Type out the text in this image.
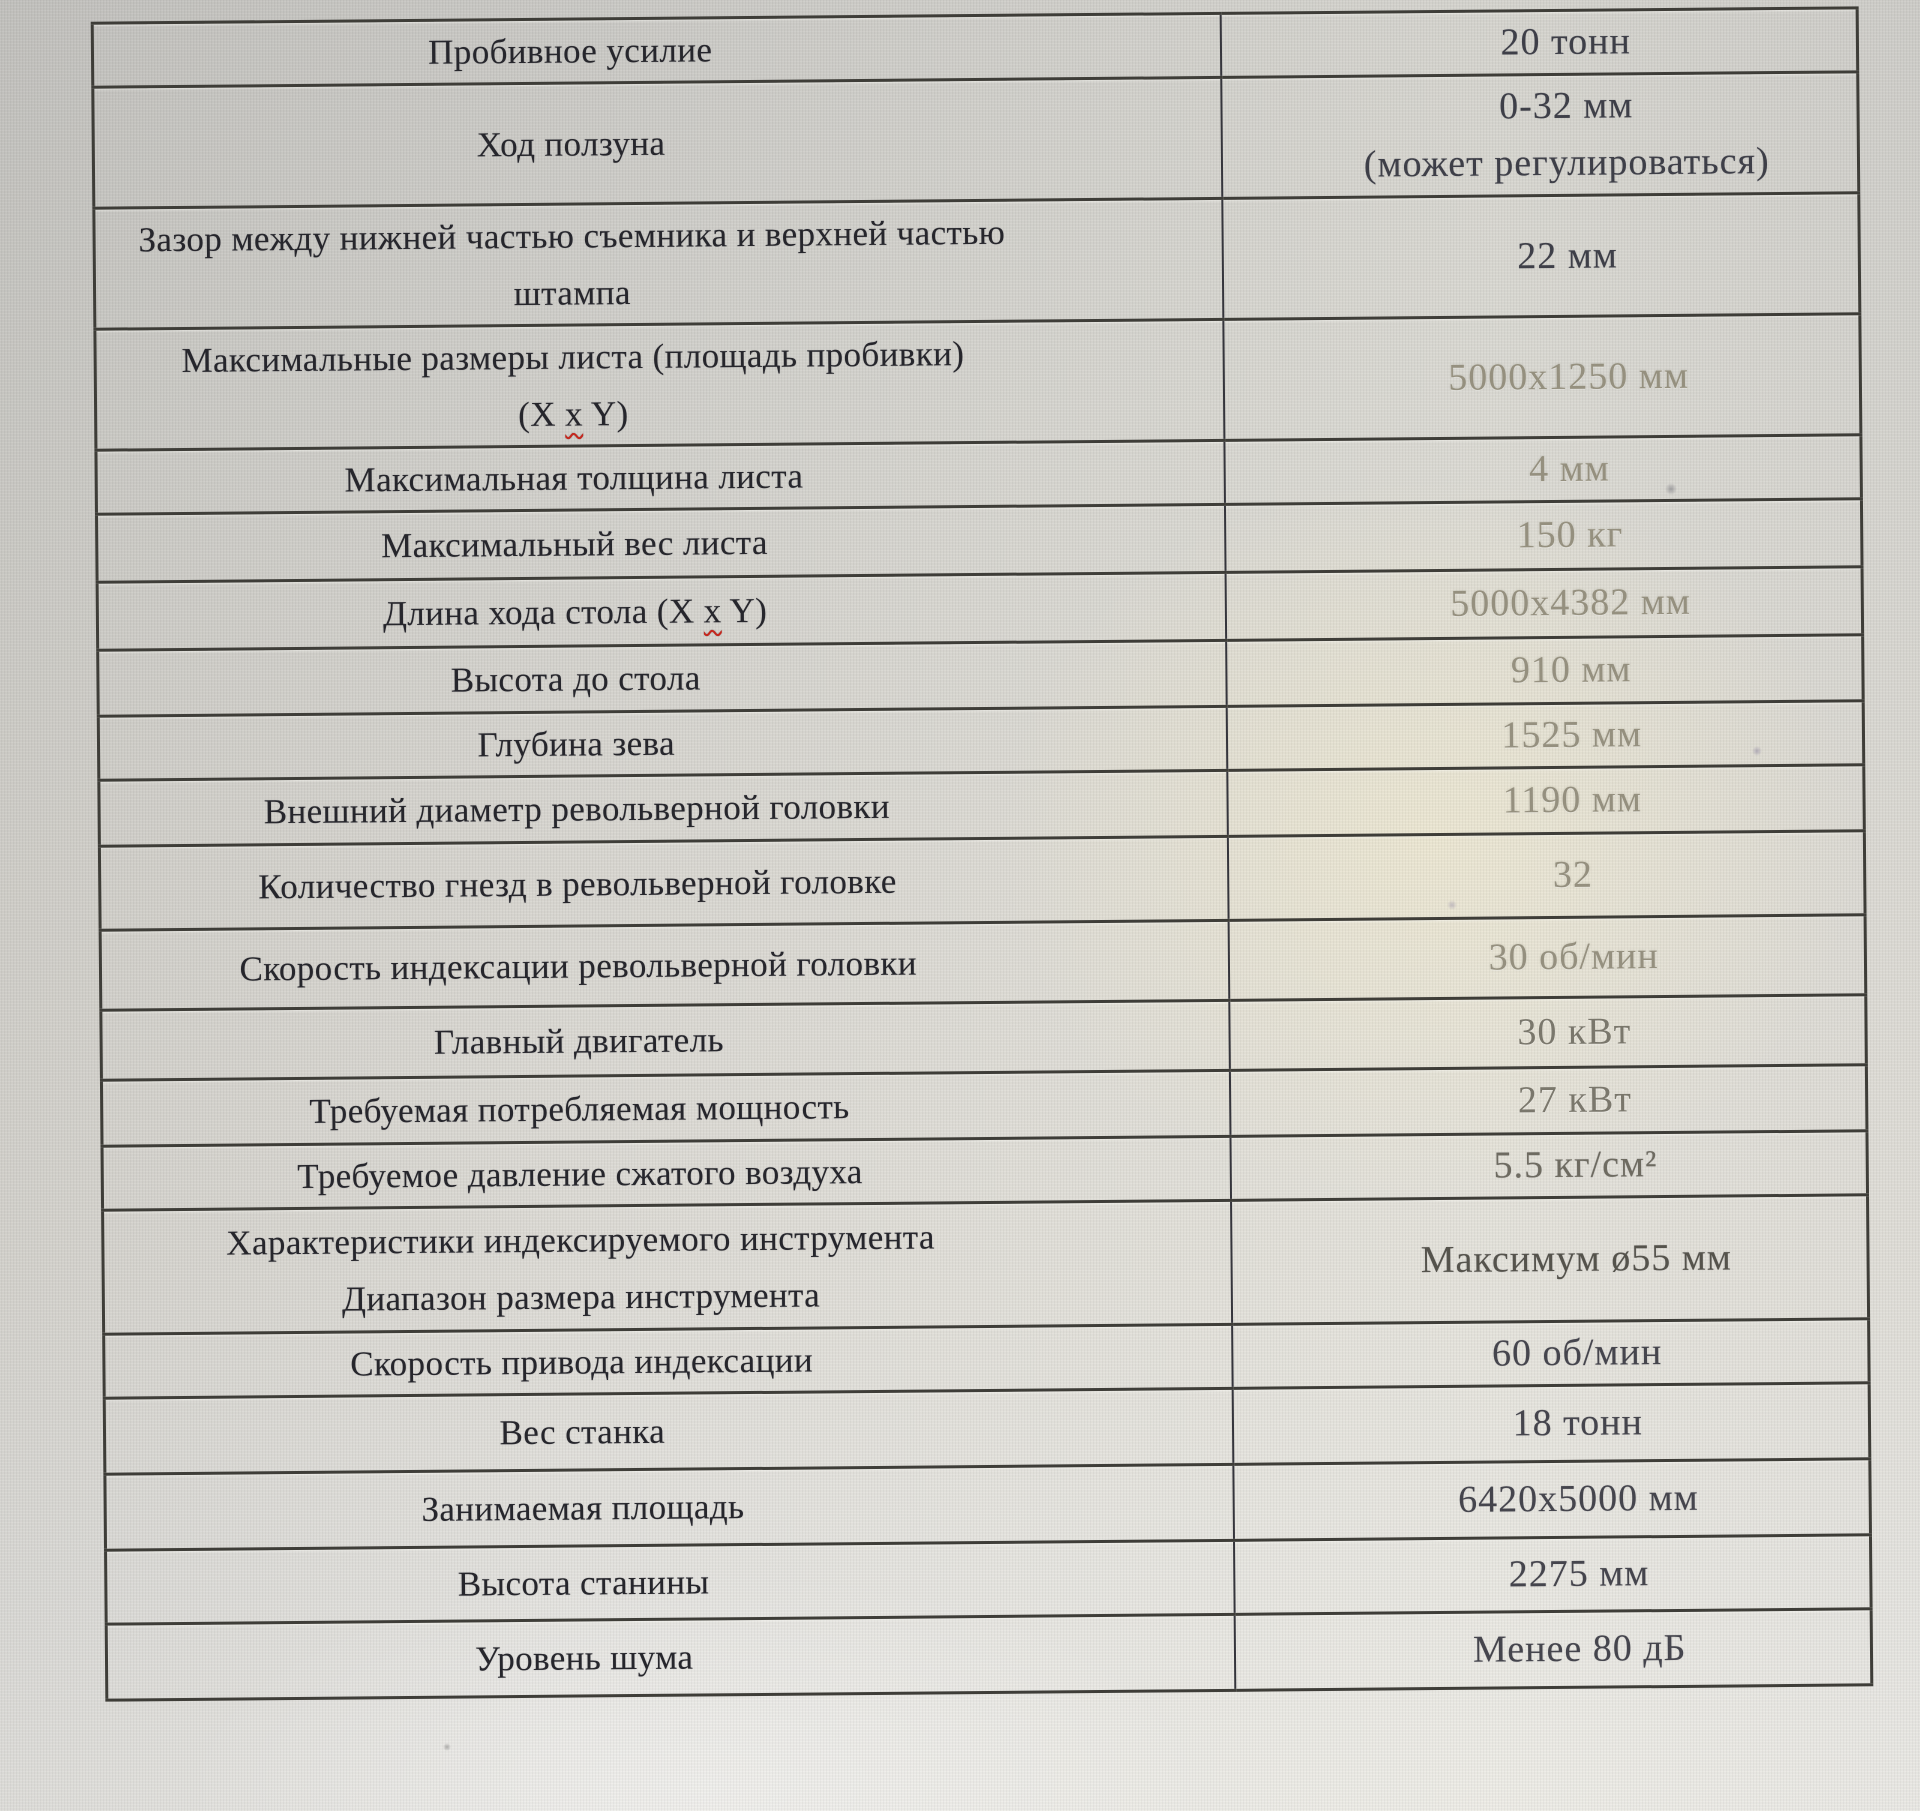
Пробивное усилие	20 тонн

Ход ползуна	0-32 мм
(может регулироваться)

Зазор между нижней частью съемника и верхней частью
штампа	22 мм

Максимальные размеры листа (площадь пробивки)
(X x Y)	5000x1250 мм

Максимальная толщина листа	4 мм

Максимальный вес листа	150 кг

Длина хода стола (X x Y)	5000x4382 мм

Высота до стола	910 мм

Глубина зева	1525 мм

Внешний диаметр револьверной головки	1190 мм

Количество гнезд в револьверной головке	32

Скорость индексации револьверной головки	30 об/мин

Главный двигатель	30 кВт

Требуемая потребляемая мощность	27 кВт

Требуемое давление сжатого воздуха	5.5 кг/см²

Характеристики индексируемого инструмента
Диапазон размера инструмента	Максимум ø55 мм

Скорость привода индексации	60 об/мин

Вес станка	18 тонн

Занимаемая площадь	6420x5000 мм

Высота станины	2275 мм

Уровень шума	Менее 80 дБ
